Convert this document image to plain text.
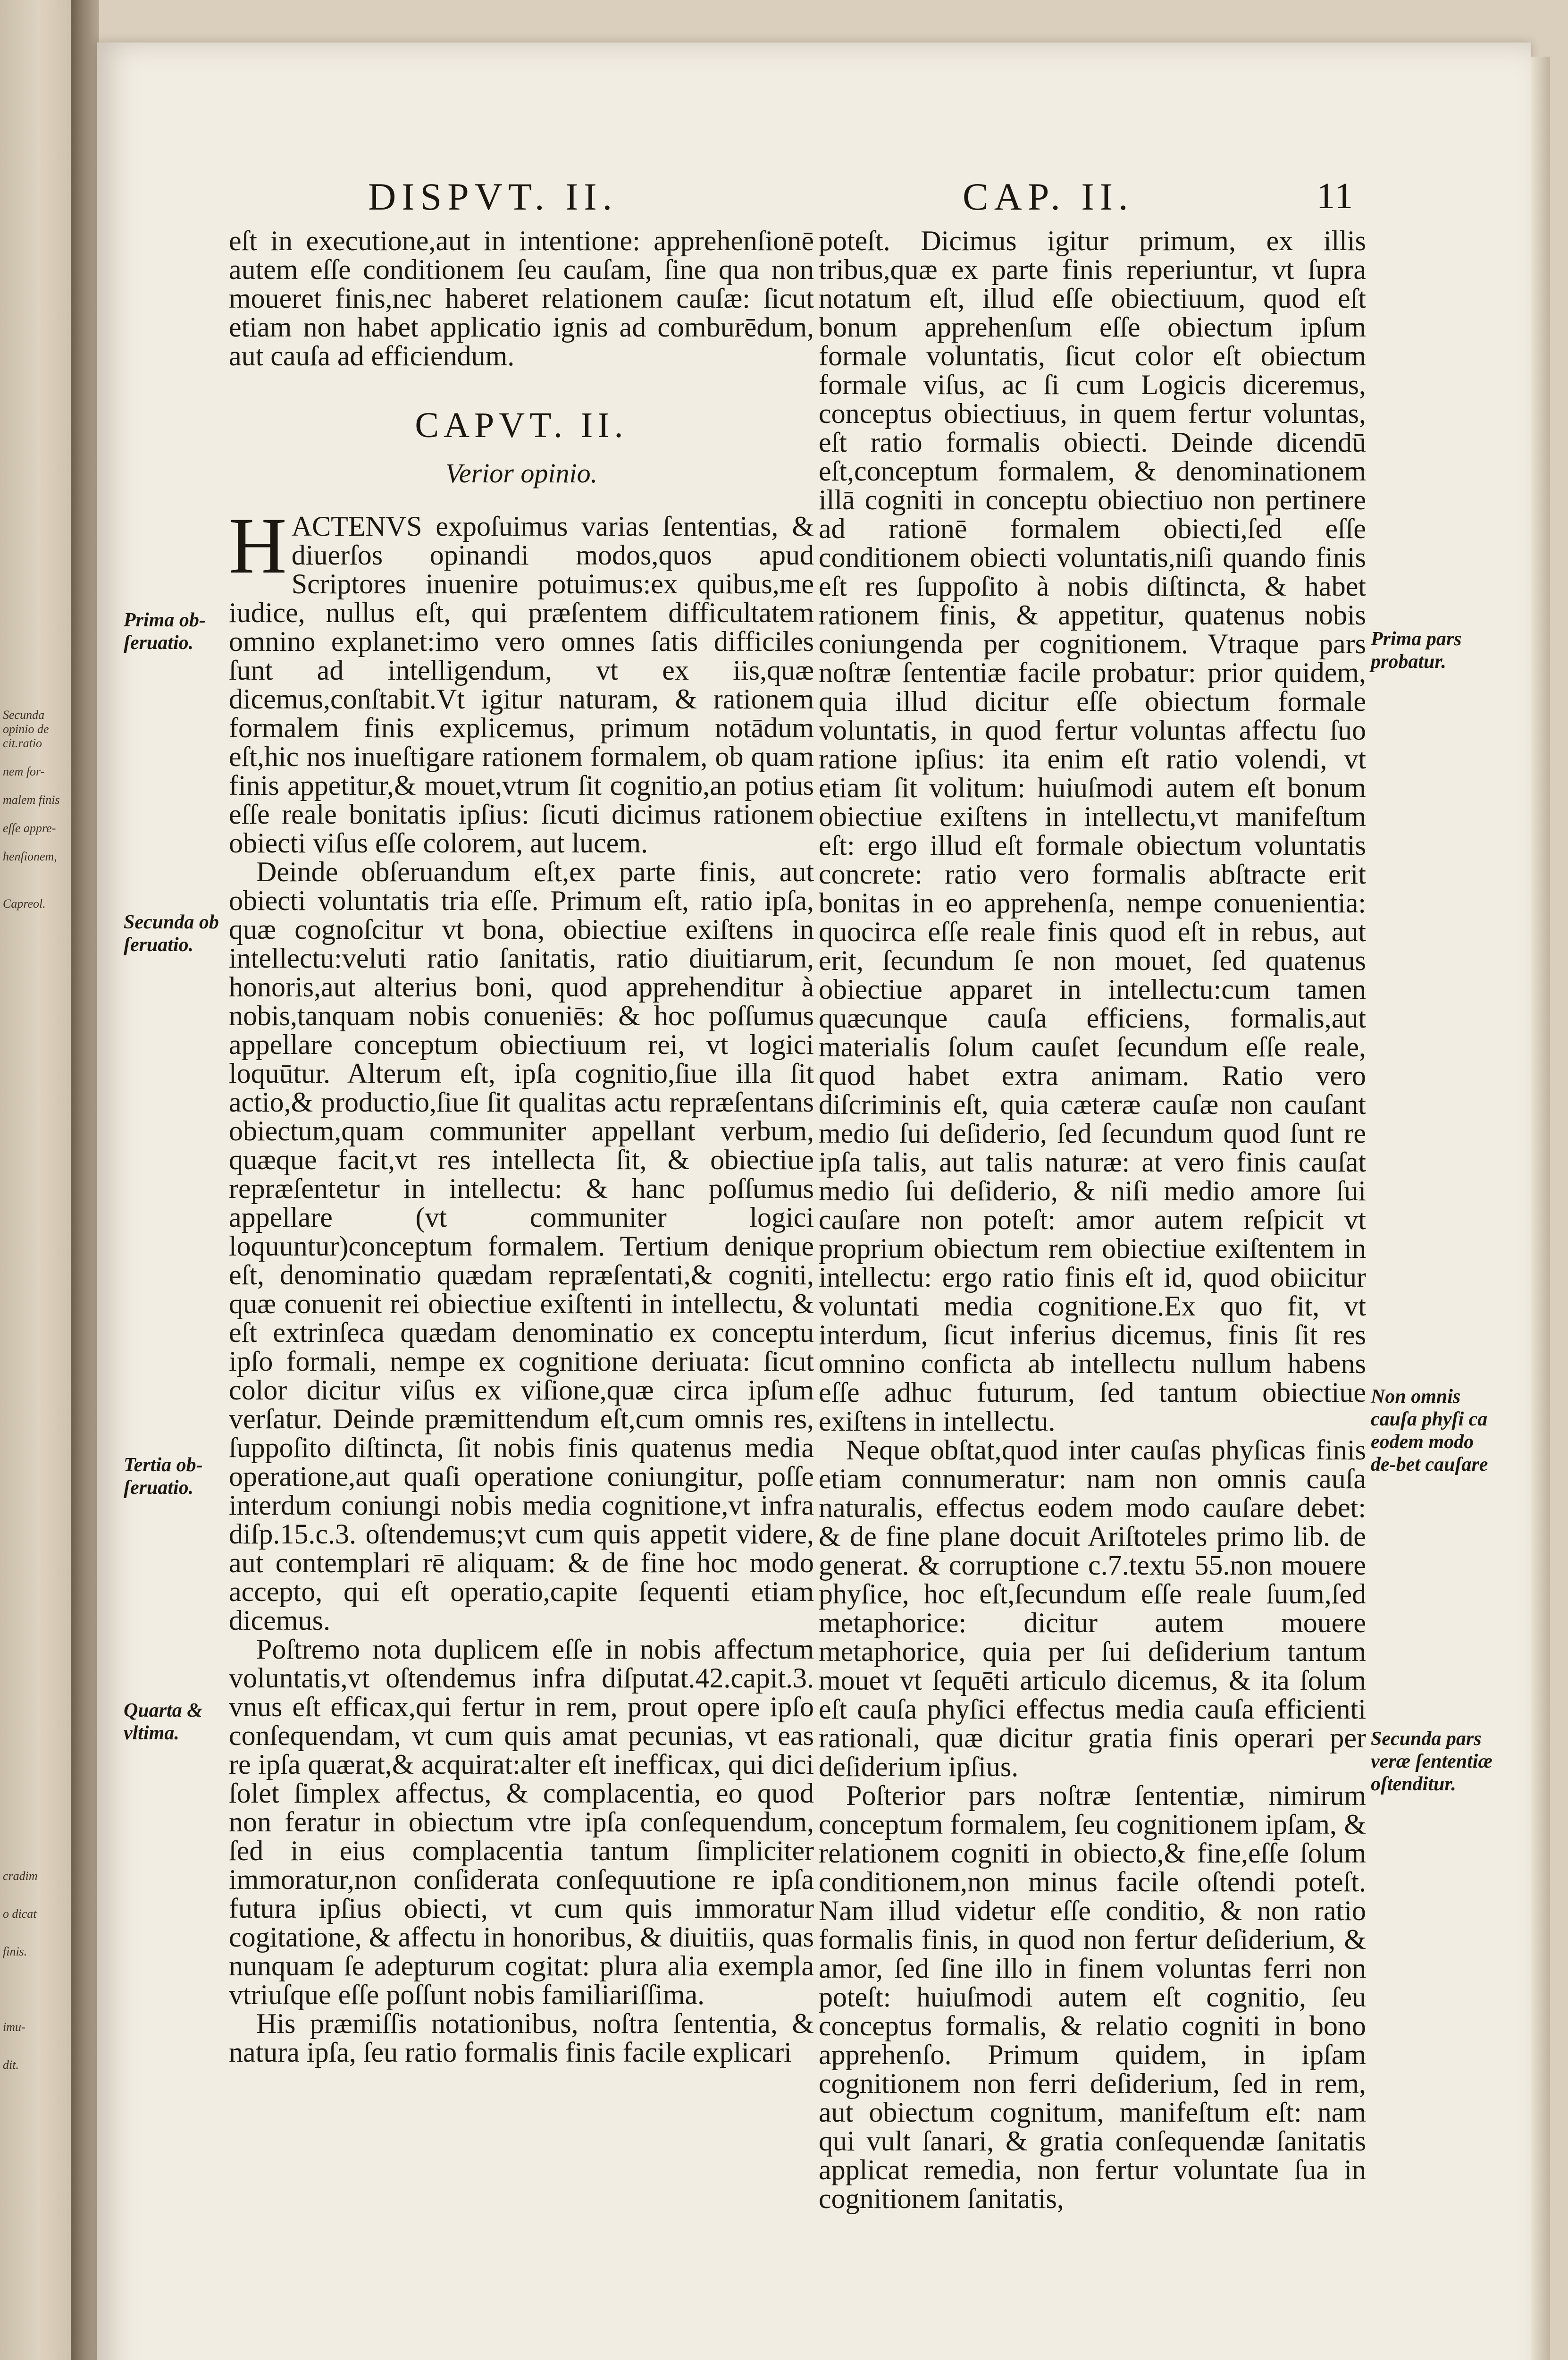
Secunda opinio de
cit.ratio
nem for-
malem finis
eſſe appre-
henſionem,
Capreol.
cradim
o dicat
finis.
imu-
dit.
DISPVT. II.	CAP. II.	11

eſt in executione,aut in intentione: apprehenſionē autem eſſe conditionem ſeu cauſam, ſine qua non moueret finis,nec haberet relationem cauſæ: ſicut etiam non habet applicatio ignis ad comburēdum, aut cauſa ad efficiendum.

CAPVT. II.

Verior opinio.

HACTENVS expoſuimus varias ſententias, & diuerſos opinandi modos,quos apud Scriptores inuenire potuimus:ex quibus,me iudice, nullus eſt, qui præſentem difficultatem omnino explanet:imo vero omnes ſatis difficiles ſunt ad intelligendum, vt ex iis,quæ dicemus,conſtabit.Vt igitur naturam, & rationem formalem finis explicemus, primum notādum eſt,hic nos inueſtigare rationem formalem, ob quam finis appetitur,& mouet,vtrum ſit cognitio,an potius eſſe reale bonitatis ipſius: ſicuti dicimus rationem obiecti viſus eſſe colorem, aut lucem.

Deinde obſeruandum eſt,ex parte finis, aut obiecti voluntatis tria eſſe. Primum eſt, ratio ipſa, quæ cognoſcitur vt bona, obiectiue exiſtens in intellectu:veluti ratio ſanitatis, ratio diuitiarum, honoris,aut alterius boni, quod apprehenditur à nobis,tanquam nobis conueniēs: & hoc poſſumus appellare conceptum obiectiuum rei, vt logici loquūtur. Alterum eſt, ipſa cognitio,ſiue illa ſit actio,& productio,ſiue ſit qualitas actu repræſentans obiectum,quam communiter appellant verbum, quæque facit,vt res intellecta ſit, & obiectiue repræſentetur in intellectu: & hanc poſſumus appellare (vt communiter logici loquuntur)conceptum formalem. Tertium denique eſt, denominatio quædam repræſentati,& cogniti, quæ conuenit rei obiectiue exiſtenti in intellectu, & eſt extrinſeca quædam denominatio ex conceptu ipſo formali, nempe ex cognitione deriuata: ſicut color dicitur viſus ex viſione,quæ circa ipſum verſatur. Deinde præmittendum eſt,cum omnis res, ſuppoſito diſtincta, ſit nobis finis quatenus media operatione,aut quaſi operatione coniungitur, poſſe interdum coniungi nobis media cognitione,vt infra diſp.15.c.3. oſtendemus;vt cum quis appetit videre, aut contemplari rē aliquam: & de fine hoc modo accepto, qui eſt operatio,capite ſequenti etiam dicemus.

Poſtremo nota duplicem eſſe in nobis affectum voluntatis,vt oſtendemus infra diſputat.42.capit.3. vnus eſt efficax,qui fertur in rem, prout opere ipſo conſequendam, vt cum quis amat pecunias, vt eas re ipſa quærat,& acquirat:alter eſt inefficax, qui dici ſolet ſimplex affectus, & complacentia, eo quod non feratur in obiectum vtre ipſa conſequendum, ſed in eius complacentia tantum ſimpliciter immoratur,non conſiderata conſequutione re ipſa futura ipſius obiecti, vt cum quis immoratur cogitatione, & affectu in honoribus, & diuitiis, quas nunquam ſe adepturum cogitat: plura alia exempla vtriuſque eſſe poſſunt nobis familiariſſima.

His præmiſſis notationibus, noſtra ſententia, & natura ipſa, ſeu ratio formalis finis facile explicari

poteſt. Dicimus igitur primum, ex illis tribus,quæ ex parte finis reperiuntur, vt ſupra notatum eſt, illud eſſe obiectiuum, quod eſt bonum apprehenſum eſſe obiectum ipſum formale voluntatis, ſicut color eſt obiectum formale viſus, ac ſi cum Logicis diceremus, conceptus obiectiuus, in quem fertur voluntas, eſt ratio formalis obiecti. Deinde dicendū eſt,conceptum formalem, & denominationem illā cogniti in conceptu obiectiuo non pertinere ad rationē formalem obiecti,ſed eſſe conditionem obiecti voluntatis,niſi quando finis eſt res ſuppoſito à nobis diſtincta, & habet rationem finis, & appetitur, quatenus nobis coniungenda per cognitionem. Vtraque pars noſtræ ſententiæ facile probatur: prior quidem, quia illud dicitur eſſe obiectum formale voluntatis, in quod fertur voluntas affectu ſuo ratione ipſius: ita enim eſt ratio volendi, vt etiam ſit volitum: huiuſmodi autem eſt bonum obiectiue exiſtens in intellectu,vt manifeſtum eſt: ergo illud eſt formale obiectum voluntatis concrete: ratio vero formalis abſtracte erit bonitas in eo apprehenſa, nempe conuenientia: quocirca eſſe reale finis quod eſt in rebus, aut erit, ſecundum ſe non mouet, ſed quatenus obiectiue apparet in intellectu:cum tamen quæcunque cauſa efficiens, formalis,aut materialis ſolum cauſet ſecundum eſſe reale, quod habet extra animam. Ratio vero diſcriminis eſt, quia cæteræ cauſæ non cauſant medio ſui deſiderio, ſed ſecundum quod ſunt re ipſa talis, aut talis naturæ: at vero finis cauſat medio ſui deſiderio, & niſi medio amore ſui cauſare non poteſt: amor autem reſpicit vt proprium obiectum rem obiectiue exiſtentem in intellectu: ergo ratio finis eſt id, quod obiicitur voluntati media cognitione.Ex quo fit, vt interdum, ſicut inferius dicemus, finis ſit res omnino conficta ab intellectu nullum habens eſſe adhuc futurum, ſed tantum obiectiue exiſtens in intellectu.

Neque obſtat,quod inter cauſas phyſicas finis etiam connumeratur: nam non omnis cauſa naturalis, effectus eodem modo cauſare debet: & de fine plane docuit Ariſtoteles primo lib. de generat. & corruptione c.7.textu 55.non mouere phyſice, hoc eſt,ſecundum eſſe reale ſuum,ſed metaphorice: dicitur autem mouere metaphorice, quia per ſui deſiderium tantum mouet vt ſequēti articulo dicemus, & ita ſolum eſt cauſa phyſici effectus media cauſa efficienti rationali, quæ dicitur gratia finis operari per deſiderium ipſius.

Poſterior pars noſtræ ſententiæ, nimirum conceptum formalem, ſeu cognitionem ipſam, & relationem cogniti in obiecto,& fine,eſſe ſolum conditionem,non minus facile oſtendi poteſt. Nam illud videtur eſſe conditio, & non ratio formalis finis, in quod non fertur deſiderium, & amor, ſed ſine illo in finem voluntas ferri non poteſt: huiuſmodi autem eſt cognitio, ſeu conceptus formalis, & relatio cogniti in bono apprehenſo. Primum quidem, in ipſam cognitionem non ferri deſiderium, ſed in rem, aut obiectum cognitum, manifeſtum eſt: nam qui vult ſanari, & gratia conſequendæ ſanitatis applicat remedia, non fertur voluntate ſua in cognitionem ſanitatis,

Prima ob-ſeruatio.
Secunda ob ſeruatio.
Tertia ob-ſeruatio.
Quarta & vltima.
Prima pars probatur.
Non omnis cauſa phyſi ca eodem modo de-bet cauſare
Secunda pars veræ ſententiæ oſtenditur.
